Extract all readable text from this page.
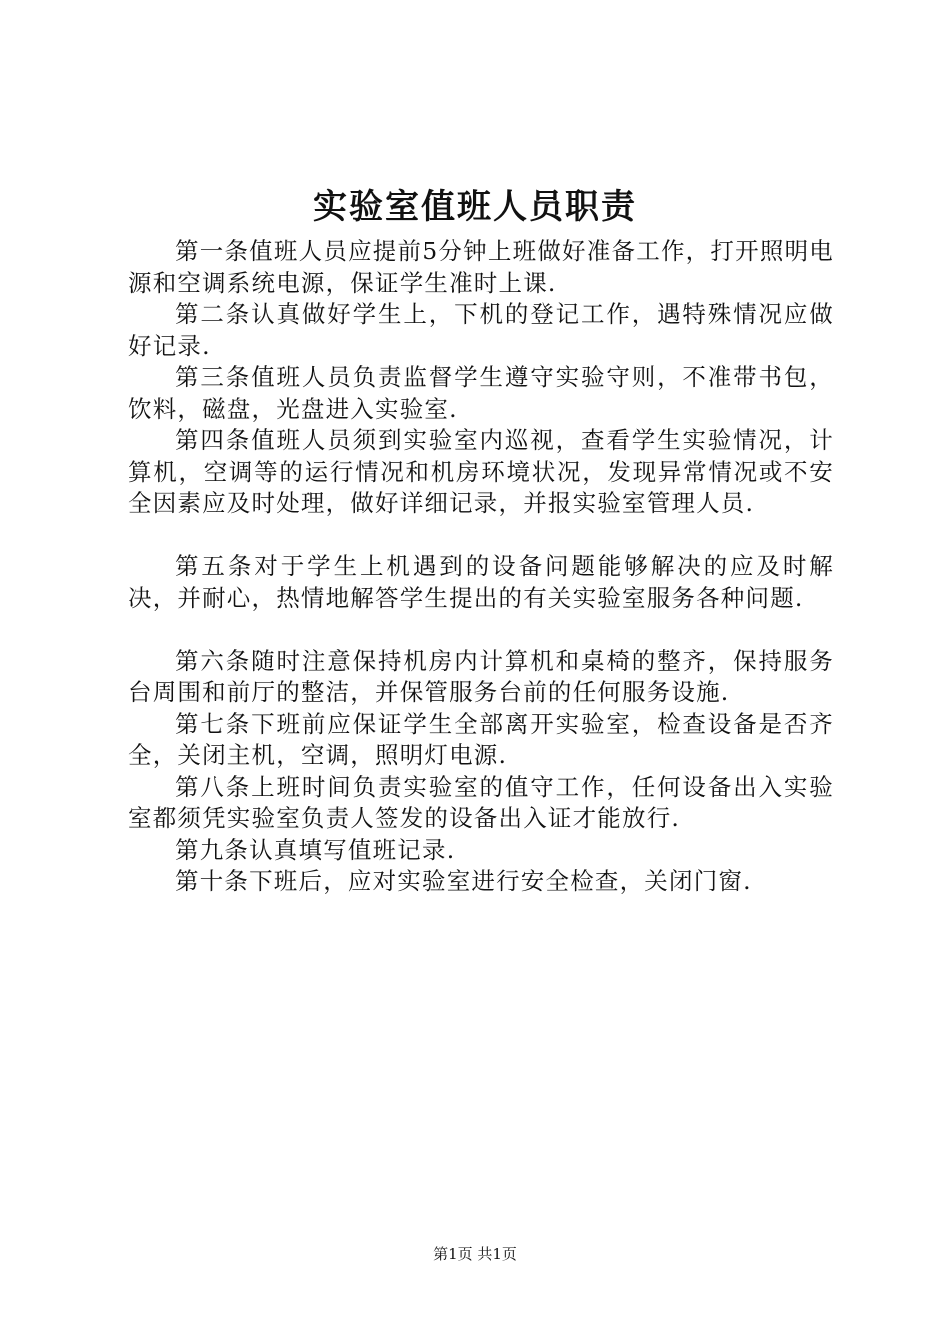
实验室值班人员职责

第一条值班人员应提前5分钟上班做好准备工作，打开照明电源和空调系统电源，保证学生准时上课.

第二条认真做好学生上，下机的登记工作，遇特殊情况应做好记录.

第三条值班人员负责监督学生遵守实验守则，不准带书包，饮料，磁盘，光盘进入实验室.

第四条值班人员须到实验室内巡视，查看学生实验情况，计算机，空调等的运行情况和机房环境状况，发现异常情况或不安全因素应及时处理，做好详细记录，并报实验室管理人员.

第五条对于学生上机遇到的设备问题能够解决的应及时解决，并耐心，热情地解答学生提出的有关实验室服务各种问题.

第六条随时注意保持机房内计算机和桌椅的整齐，保持服务台周围和前厅的整洁，并保管服务台前的任何服务设施.

第七条下班前应保证学生全部离开实验室，检查设备是否齐全，关闭主机，空调，照明灯电源.

第八条上班时间负责实验室的值守工作，任何设备出入实验室都须凭实验室负责人签发的设备出入证才能放行.

第九条认真填写值班记录.

第十条下班后，应对实验室进行安全检查，关闭门窗.

第1页 共1页
